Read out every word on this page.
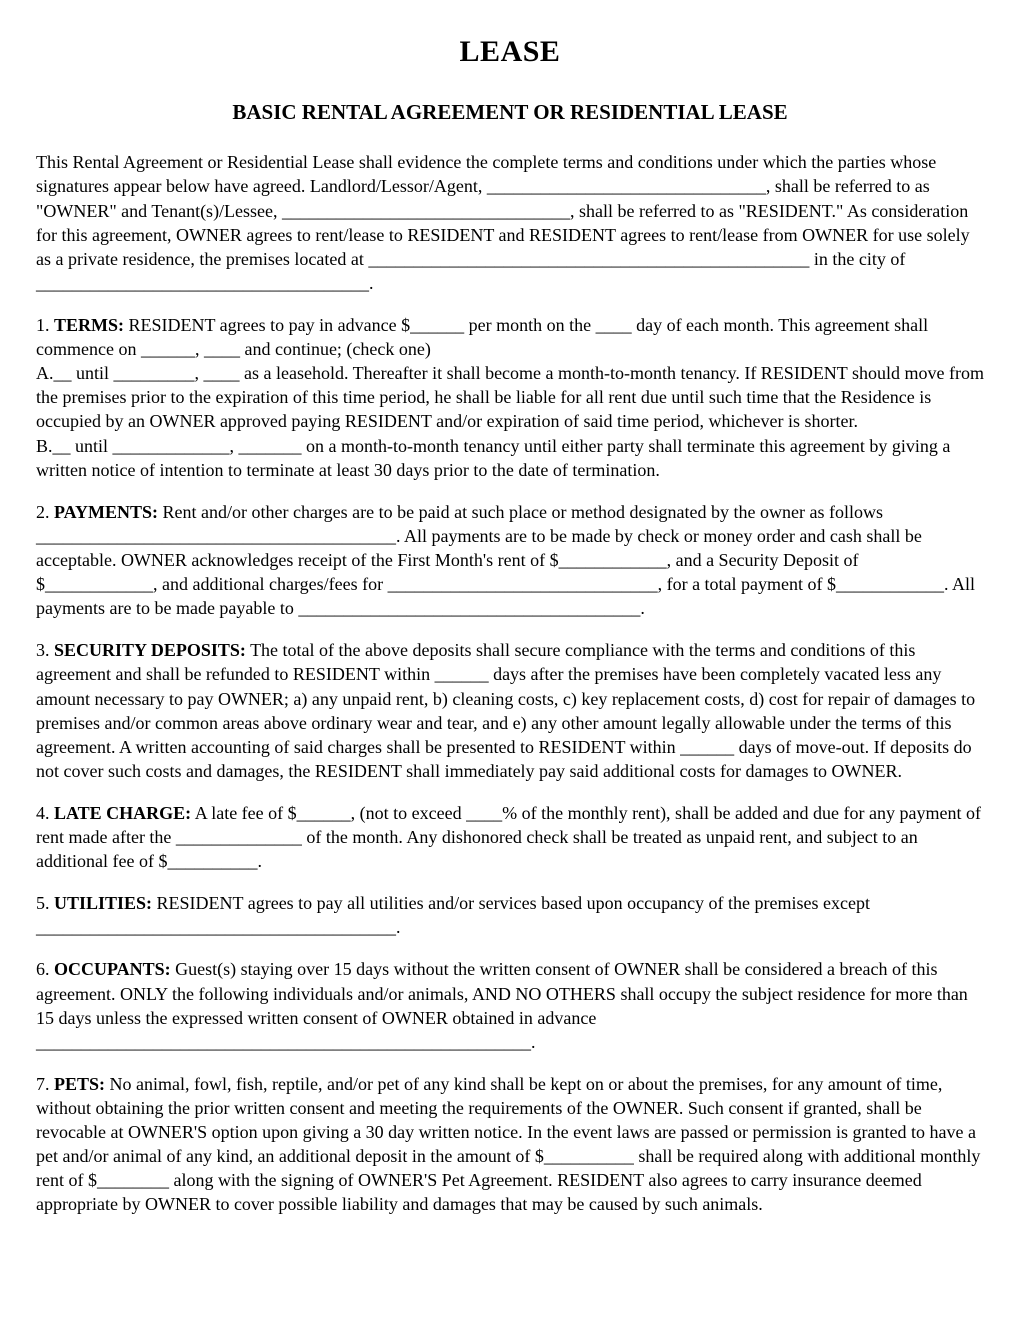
LEASE
BASIC RENTAL AGREEMENT OR RESIDENTIAL LEASE

This Rental Agreement or Residential Lease shall evidence the complete terms and conditions under which the parties whose signatures appear below have agreed. Landlord/Lessor/Agent, _______________________________, shall be referred to as "OWNER" and Tenant(s)/Lessee, ________________________________, shall be referred to as "RESIDENT." As consideration for this agreement, OWNER agrees to rent/lease to RESIDENT and RESIDENT agrees to rent/lease from OWNER for use solely as a private residence, the premises located at _________________________________________________ in the city of _____________________________________.

1. TERMS: RESIDENT agrees to pay in advance $______ per month on the ____ day of each month. This agreement shall commence on ______, ____ and continue; (check one)

A.__ until _________, ____ as a leasehold. Thereafter it shall become a month-to-month tenancy. If RESIDENT should move from the premises prior to the expiration of this time period, he shall be liable for all rent due until such time that the Residence is occupied by an OWNER approved paying RESIDENT and/or expiration of said time period, whichever is shorter.

B.__ until _____________, _______ on a month-to-month tenancy until either party shall terminate this agreement by giving a written notice of intention to terminate at least 30 days prior to the date of termination.

2. PAYMENTS: Rent and/or other charges are to be paid at such place or method designated by the owner as follows ________________________________________. All payments are to be made by check or money order and cash shall be acceptable. OWNER acknowledges receipt of the First Month's rent of $____________, and a Security Deposit of $____________, and additional charges/fees for ______________________________, for a total payment of $____________. All payments are to be made payable to ______________________________________.

3. SECURITY DEPOSITS: The total of the above deposits shall secure compliance with the terms and conditions of this agreement and shall be refunded to RESIDENT within ______ days after the premises have been completely vacated less any amount necessary to pay OWNER; a) any unpaid rent, b) cleaning costs, c) key replacement costs, d) cost for repair of damages to premises and/or common areas above ordinary wear and tear, and e) any other amount legally allowable under the terms of this agreement. A written accounting of said charges shall be presented to RESIDENT within ______ days of move-out. If deposits do not cover such costs and damages, the RESIDENT shall immediately pay said additional costs for damages to OWNER.

4. LATE CHARGE: A late fee of $______, (not to exceed ____% of the monthly rent), shall be added and due for any payment of rent made after the ______________ of the month. Any dishonored check shall be treated as unpaid rent, and subject to an additional fee of $__________.

5. UTILITIES: RESIDENT agrees to pay all utilities and/or services based upon occupancy of the premises except

________________________________________.

6. OCCUPANTS: Guest(s) staying over 15 days without the written consent of OWNER shall be considered a breach of this agreement. ONLY the following individuals and/or animals, AND NO OTHERS shall occupy the subject residence for more than 15 days unless the expressed written consent of OWNER obtained in advance

_______________________________________________________.

7. PETS: No animal, fowl, fish, reptile, and/or pet of any kind shall be kept on or about the premises, for any amount of time, without obtaining the prior written consent and meeting the requirements of the OWNER. Such consent if granted, shall be revocable at OWNER'S option upon giving a 30 day written notice. In the event laws are passed or permission is granted to have a pet and/or animal of any kind, an additional deposit in the amount of $__________ shall be required along with additional monthly rent of $________ along with the signing of OWNER'S Pet Agreement. RESIDENT also agrees to carry insurance deemed appropriate by OWNER to cover possible liability and damages that may be caused by such animals.
